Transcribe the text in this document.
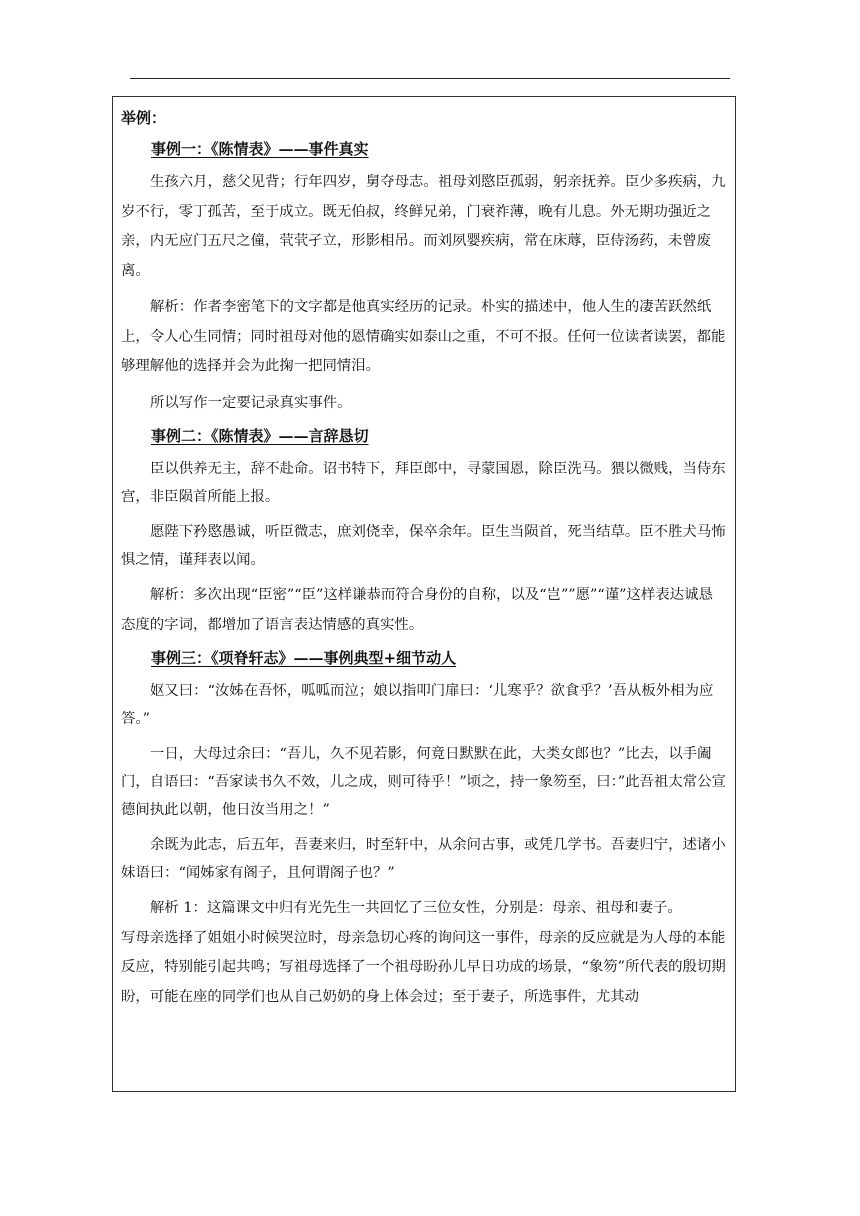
举例：
事例一：《陈情表》——事件真实

生孩六月，慈父见背；行年四岁，舅夺母志。祖母刘愍臣孤弱，躬亲抚养。臣少多疾病，九岁不行，零丁孤苦，至于成立。既无伯叔，终鲜兄弟，门衰祚薄，晚有儿息。外无期功强近之亲，内无应门五尺之僮，茕茕孑立，形影相吊。而刘夙婴疾病，常在床蓐，臣侍汤药，未曾废离。

解析：作者李密笔下的文字都是他真实经历的记录。朴实的描述中，他人生的凄苦跃然纸上，令人心生同情；同时祖母对他的恩情确实如泰山之重，不可不报。任何一位读者读罢，都能够理解他的选择并会为此掬一把同情泪。

所以写作一定要记录真实事件。

事例二：《陈情表》——言辞恳切

臣以供养无主，辞不赴命。诏书特下，拜臣郎中，寻蒙国恩，除臣洗马。猥以微贱，当侍东宫，非臣陨首所能上报。

愿陛下矜愍愚诚，听臣微志，庶刘侥幸，保卒余年。臣生当陨首，死当结草。臣不胜犬马怖惧之情，谨拜表以闻。

解析：多次出现“臣密”“臣”这样谦恭而符合身份的自称，以及“岂””愿”“谨”这样表达诚恳态度的字词，都增加了语言表达情感的真实性。

事例三：《项脊轩志》——事例典型+细节动人

妪又曰：“汝姊在吾怀，呱呱而泣；娘以指叩门扉曰：‘儿寒乎？欲食乎？’吾从板外相为应答。”

一日，大母过余曰：“吾儿，久不见若影，何竟日默默在此，大类女郎也？”比去，以手阖门，自语曰：“吾家读书久不效，儿之成，则可待乎！”顷之，持一象笏至，曰：”此吾祖太常公宣德间执此以朝，他日汝当用之！”

余既为此志，后五年，吾妻来归，时至轩中，从余问古事，或凭几学书。吾妻归宁，述诸小妹语曰：“闻姊家有阁子，且何谓阁子也？”

解析 1：这篇课文中归有光先生一共回忆了三位女性，分别是：母亲、祖母和妻子。

写母亲选择了姐姐小时候哭泣时，母亲急切心疼的询问这一事件，母亲的反应就是为人母的本能反应，特别能引起共鸣；写祖母选择了一个祖母盼孙儿早日功成的场景，“象笏”所代表的殷切期盼，可能在座的同学们也从自己奶奶的身上体会过；至于妻子，所选事件，尤其动
